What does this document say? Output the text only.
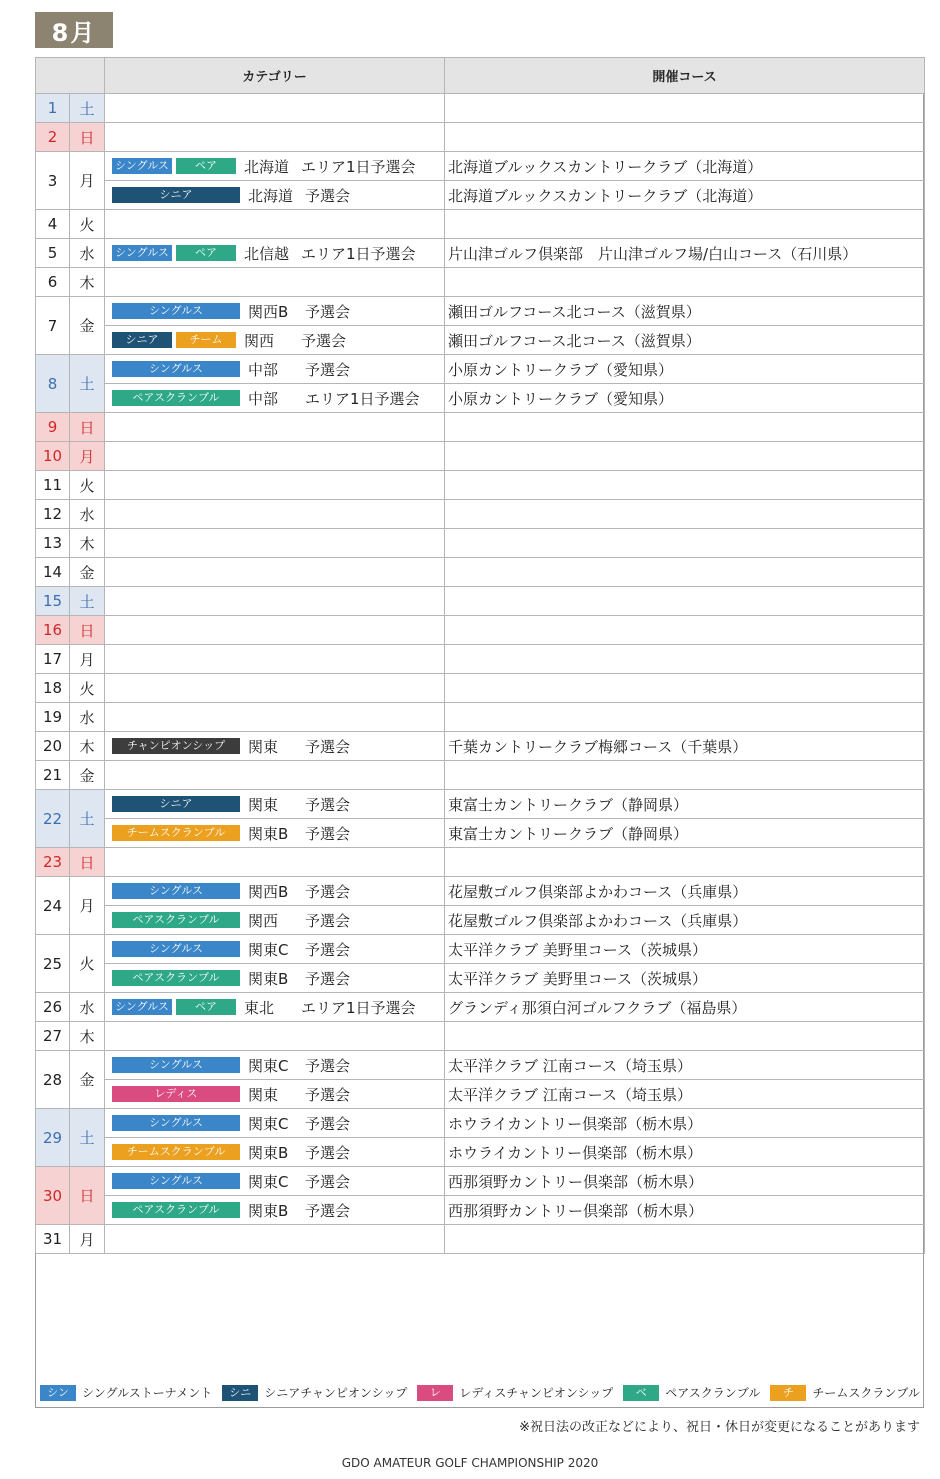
8月
		カテゴリー	開催コース
1	土		
2	日		
3	月	シングルス ペア 北海道 エリア1日予選会	北海道ブルックスカントリークラブ（北海道）
		シニア 北海道 予選会	北海道ブルックスカントリークラブ（北海道）
4	火		
5	水	シングルス ペア 北信越 エリア1日予選会	片山津ゴルフ倶楽部　片山津ゴルフ場/白山コース（石川県）
6	木		
7	金	シングルス 関西B 予選会	瀬田ゴルフコース北コース（滋賀県）
		シニア チーム 関西 予選会	瀬田ゴルフコース北コース（滋賀県）
8	土	シングルス 中部 予選会	小原カントリークラブ（愛知県）
		ペアスクランブル 中部 エリア1日予選会	小原カントリークラブ（愛知県）
9	日		
10	月		
11	火		
12	水		
13	木		
14	金		
15	土		
16	日		
17	月		
18	火		
19	水		
20	木	チャンピオンシップ 関東 予選会	千葉カントリークラブ梅郷コース（千葉県）
21	金		
22	土	シニア 関東 予選会	東富士カントリークラブ（静岡県）
		チームスクランブル 関東B 予選会	東富士カントリークラブ（静岡県）
23	日		
24	月	シングルス 関西B 予選会	花屋敷ゴルフ倶楽部よかわコース（兵庫県）
		ペアスクランブル 関西 予選会	花屋敷ゴルフ倶楽部よかわコース（兵庫県）
25	火	シングルス 関東C 予選会	太平洋クラブ 美野里コース（茨城県）
		ペアスクランブル 関東B 予選会	太平洋クラブ 美野里コース（茨城県）
26	水	シングルス ペア 東北 エリア1日予選会	グランディ那須白河ゴルフクラブ（福島県）
27	木		
28	金	シングルス 関東C 予選会	太平洋クラブ 江南コース（埼玉県）
		レディス 関東 予選会	太平洋クラブ 江南コース（埼玉県）
29	土	シングルス 関東C 予選会	ホウライカントリー倶楽部（栃木県）
		チームスクランブル 関東B 予選会	ホウライカントリー倶楽部（栃木県）
30	日	シングルス 関東C 予選会	西那須野カントリー倶楽部（栃木県）
		ペアスクランブル 関東B 予選会	西那須野カントリー倶楽部（栃木県）
31	月		
シン	シングルストーナメント	シニ	シニアチャンピオンシップ	レ	レディスチャンピオンシップ	ベ	ペアスクランブル	チ	チームスクランブル
※祝日法の改正などにより、祝日・休日が変更になることがあります
GDO AMATEUR GOLF CHAMPIONSHIP 2020
